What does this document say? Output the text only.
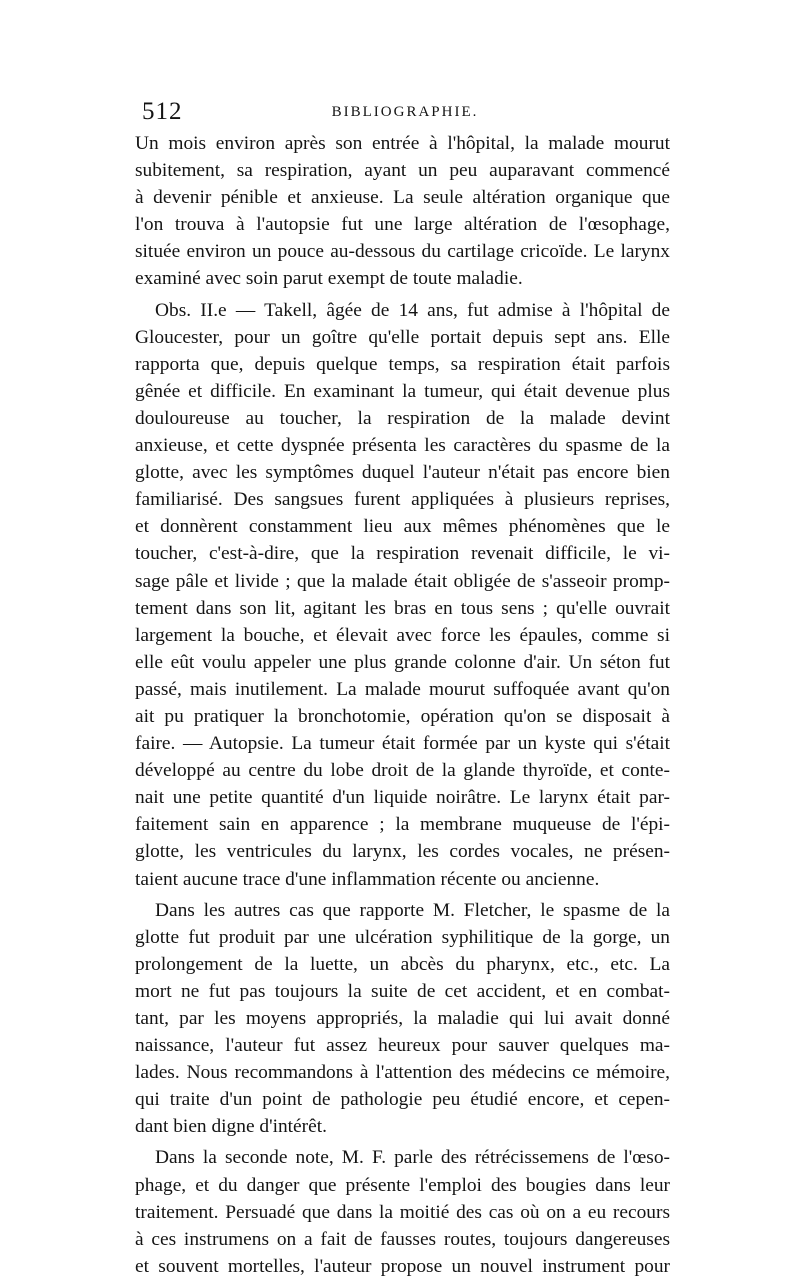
512	BIBLIOGRAPHIE.
Un mois environ après son entrée à l'hôpital, la malade mourut
subitement, sa respiration, ayant un peu auparavant commencé
à devenir pénible et anxieuse. La seule altération organique que
l'on trouva à l'autopsie fut une large altération de l'œsophage,
située environ un pouce au-dessous du cartilage cricoïde. Le larynx
examiné avec soin parut exempt de toute maladie.
Obs. II.e — Takell, âgée de 14 ans, fut admise à l'hôpital de
Gloucester, pour un goître qu'elle portait depuis sept ans. Elle
rapporta que, depuis quelque temps, sa respiration était parfois
gênée et difficile. En examinant la tumeur, qui était devenue plus
douloureuse au toucher, la respiration de la malade devint
anxieuse, et cette dyspnée présenta les caractères du spasme de la
glotte, avec les symptômes duquel l'auteur n'était pas encore bien
familiarisé. Des sangsues furent appliquées à plusieurs reprises,
et donnèrent constamment lieu aux mêmes phénomènes que le
toucher, c'est-à-dire, que la respiration revenait difficile, le vi-
sage pâle et livide ; que la malade était obligée de s'asseoir promp-
tement dans son lit, agitant les bras en tous sens ; qu'elle ouvrait
largement la bouche, et élevait avec force les épaules, comme si
elle eût voulu appeler une plus grande colonne d'air. Un séton fut
passé, mais inutilement. La malade mourut suffoquée avant qu'on
ait pu pratiquer la bronchotomie, opération qu'on se disposait à
faire. — Autopsie. La tumeur était formée par un kyste qui s'était
développé au centre du lobe droit de la glande thyroïde, et conte-
nait une petite quantité d'un liquide noirâtre. Le larynx était par-
faitement sain en apparence ; la membrane muqueuse de l'épi-
glotte, les ventricules du larynx, les cordes vocales, ne présen-
taient aucune trace d'une inflammation récente ou ancienne.
Dans les autres cas que rapporte M. Fletcher, le spasme de la
glotte fut produit par une ulcération syphilitique de la gorge, un
prolongement de la luette, un abcès du pharynx, etc., etc. La
mort ne fut pas toujours la suite de cet accident, et en combat-
tant, par les moyens appropriés, la maladie qui lui avait donné
naissance, l'auteur fut assez heureux pour sauver quelques ma-
lades. Nous recommandons à l'attention des médecins ce mémoire,
qui traite d'un point de pathologie peu étudié encore, et cepen-
dant bien digne d'intérêt.
Dans la seconde note, M. F. parle des rétrécissemens de l'œso-
phage, et du danger que présente l'emploi des bougies dans leur
traitement. Persuadé que dans la moitié des cas où on a eu recours
à ces instrumens on a fait de fausses routes, toujours dangereuses
et souvent mortelles, l'auteur propose un nouvel instrument pour
